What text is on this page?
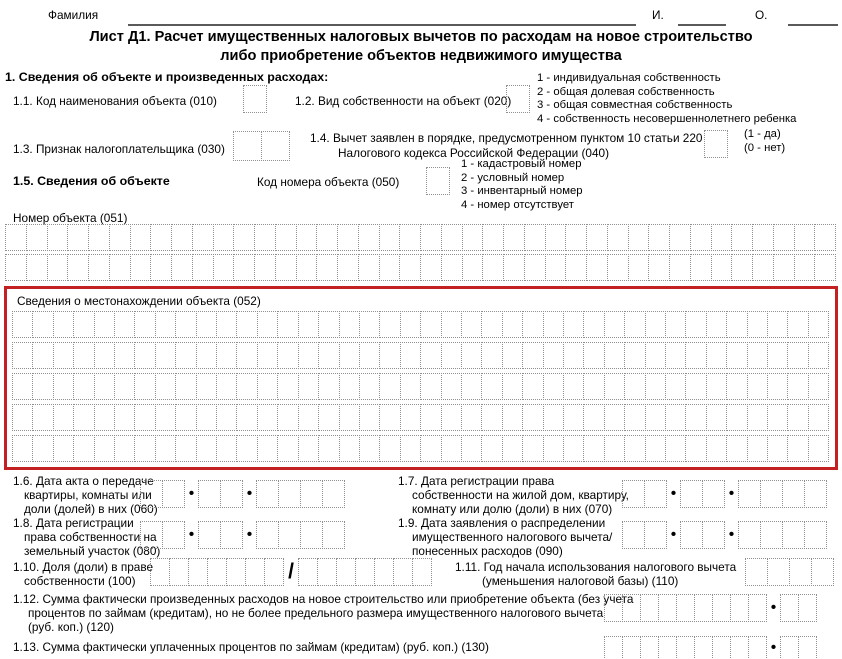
Фамилия	И.	О.
Лист Д1. Расчет имущественных налоговых вычетов по расходам на новое строительство
либо приобретение объектов недвижимого имущества
1. Сведения об объекте и произведенных расходах:
1.1. Код наименования объекта (010)	1.2. Вид собственности на объект (020)
1 - индивидуальная собственность
2 - общая долевая собственность
3 - общая совместная собственность
4 - собственность несовершеннолетнего ребенка
1.3. Признак налогоплательщика (030)
1.4. Вычет заявлен в порядке, предусмотренном пунктом 10 статьи 220
Налогового кодекса Российской Федерации (040)
(1 - да)
(0 - нет)
1.5. Сведения об объекте	Код номера объекта (050)
1 - кадастровый номер
2 - условный номер
3 - инвентарный номер
4 - номер отсутствует
Номер объекта (051)
Сведения о местонахождении объекта (052)
1.6. Дата акта о передаче
квартиры, комнаты или
доли (долей) в них (060)
•	•
1.7. Дата регистрации права
собственности на жилой дом, квартиру,
комнату или долю (доли) в них (070)
•	•
1.8. Дата регистрации
права собственности на
земельный участок (080)
•	•
1.9. Дата заявления о распределении
имущественного налогового вычета/
понесенных расходов (090)
•	•
1.10. Доля (доли) в праве
собственности (100)	/	1.11. Год начала использования налогового вычета
(уменьшения налоговой базы) (110)
1.12. Сумма фактически произведенных расходов на новое строительство или приобретение объекта (без учета
процентов по займам (кредитам), но не более предельного размера имущественного налогового вычета
(руб. коп.) (120)
•
1.13. Сумма фактически уплаченных процентов по займам (кредитам) (руб. коп.) (130)	•
